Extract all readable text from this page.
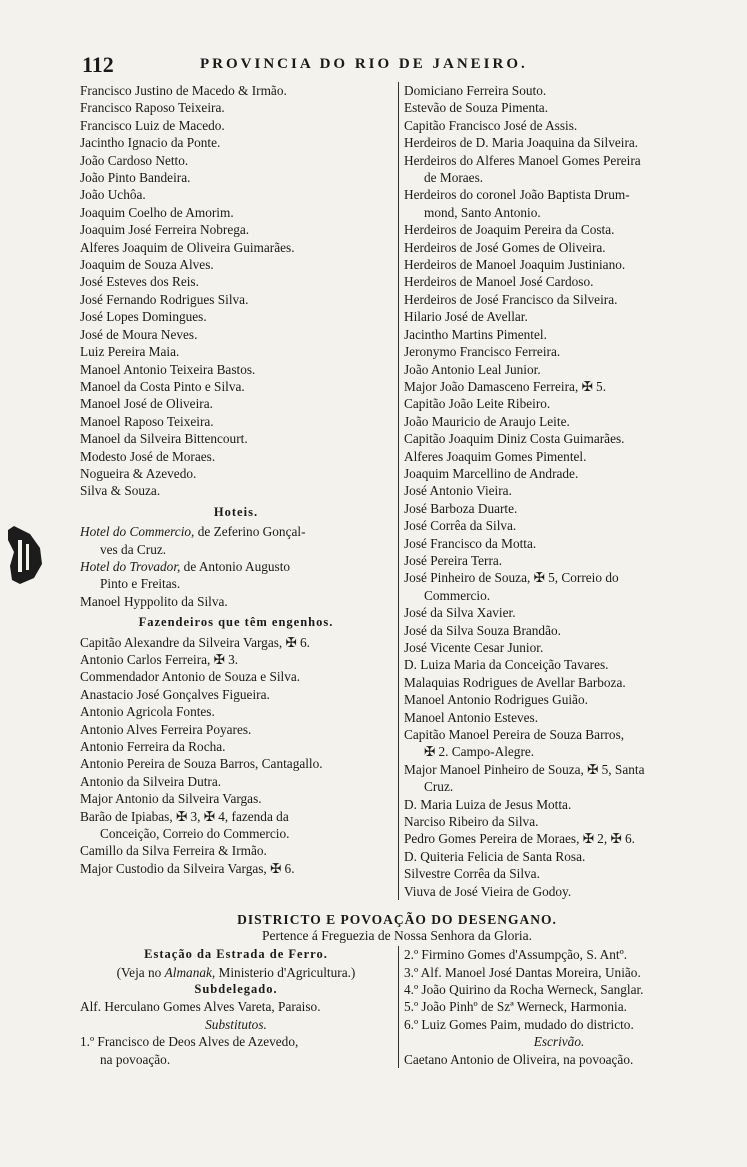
112	PROVINCIA DO RIO DE JANEIRO.
Francisco Justino de Macedo & Irmão.
Francisco Raposo Teixeira.
Francisco Luiz de Macedo.
Jacintho Ignacio da Ponte.
João Cardoso Netto.
João Pinto Bandeira.
João Uchôa.
Joaquim Coelho de Amorim.
Joaquim José Ferreira Nobrega.
Alferes Joaquim de Oliveira Guimarães.
Joaquim de Souza Alves.
José Esteves dos Reis.
José Fernando Rodrigues Silva.
José Lopes Domingues.
José de Moura Neves.
Luiz Pereira Maia.
Manoel Antonio Teixeira Bastos.
Manoel da Costa Pinto e Silva.
Manoel José de Oliveira.
Manoel Raposo Teixeira.
Manoel da Silveira Bittencourt.
Modesto José de Moraes.
Nogueira & Azevedo.
Silva & Souza.
Hoteis.
Hotel do Commercio, de Zeferino Gonçal-
ves da Cruz.
Hotel do Trovador, de Antonio Augusto
Pinto e Freitas.
Manoel Hyppolito da Silva.
Fazendeiros que têm engenhos.
Capitão Alexandre da Silveira Vargas, ✠ 6.
Antonio Carlos Ferreira, ✠ 3.
Commendador Antonio de Souza e Silva.
Anastacio José Gonçalves Figueira.
Antonio Agricola Fontes.
Antonio Alves Ferreira Poyares.
Antonio Ferreira da Rocha.
Antonio Pereira de Souza Barros, Cantagallo.
Antonio da Silveira Dutra.
Major Antonio da Silveira Vargas.
Barão de Ipiabas, ✠ 3, ✠ 4, fazenda da
Conceição, Correio do Commercio.
Camillo da Silva Ferreira & Irmão.
Major Custodio da Silveira Vargas, ✠ 6.
Domiciano Ferreira Souto.
Estevão de Souza Pimenta.
Capitão Francisco José de Assis.
Herdeiros de D. Maria Joaquina da Silveira.
Herdeiros do Alferes Manoel Gomes Pereira
de Moraes.
Herdeiros do coronel João Baptista Drum-
mond, Santo Antonio.
Herdeiros de Joaquim Pereira da Costa.
Herdeiros de José Gomes de Oliveira.
Herdeiros de Manoel Joaquim Justiniano.
Herdeiros de Manoel José Cardoso.
Herdeiros de José Francisco da Silveira.
Hilario José de Avellar.
Jacintho Martins Pimentel.
Jeronymo Francisco Ferreira.
João Antonio Leal Junior.
Major João Damasceno Ferreira, ✠ 5.
Capitão João Leite Ribeiro.
João Mauricio de Araujo Leite.
Capitão Joaquim Diniz Costa Guimarães.
Alferes Joaquim Gomes Pimentel.
Joaquim Marcellino de Andrade.
José Antonio Vieira.
José Barboza Duarte.
José Corrêa da Silva.
José Francisco da Motta.
José Pereira Terra.
José Pinheiro de Souza, ✠ 5, Correio do
Commercio.
José da Silva Xavier.
José da Silva Souza Brandão.
José Vicente Cesar Junior.
D. Luiza Maria da Conceição Tavares.
Malaquias Rodrigues de Avellar Barboza.
Manoel Antonio Rodrigues Guião.
Manoel Antonio Esteves.
Capitão Manoel Pereira de Souza Barros,
✠ 2. Campo-Alegre.
Major Manoel Pinheiro de Souza, ✠ 5, Santa
Cruz.
D. Maria Luiza de Jesus Motta.
Narciso Ribeiro da Silva.
Pedro Gomes Pereira de Moraes, ✠ 2, ✠ 6.
D. Quiteria Felicia de Santa Rosa.
Silvestre Corrêa da Silva.
Viuva de José Vieira de Godoy.
DISTRICTO E POVOAÇÃO DO DESENGANO.
Pertence á Freguezia de Nossa Senhora da Gloria.
Estação da Estrada de Ferro.
(Veja no Almanak, Ministerio d'Agricultura.)
Subdelegado.
Alf. Herculano Gomes Alves Vareta, Paraiso.
Substitutos.
1.º Francisco de Deos Alves de Azevedo,
na povoação.
2.º Firmino Gomes d'Assumpção, S. Antº.
3.º Alf. Manoel José Dantas Moreira, União.
4.º João Quirino da Rocha Werneck, Sanglar.
5.º João Pinhº de Szª Werneck, Harmonia.
6.º Luiz Gomes Paim, mudado do districto.
Escrivão.
Caetano Antonio de Oliveira, na povoação.
